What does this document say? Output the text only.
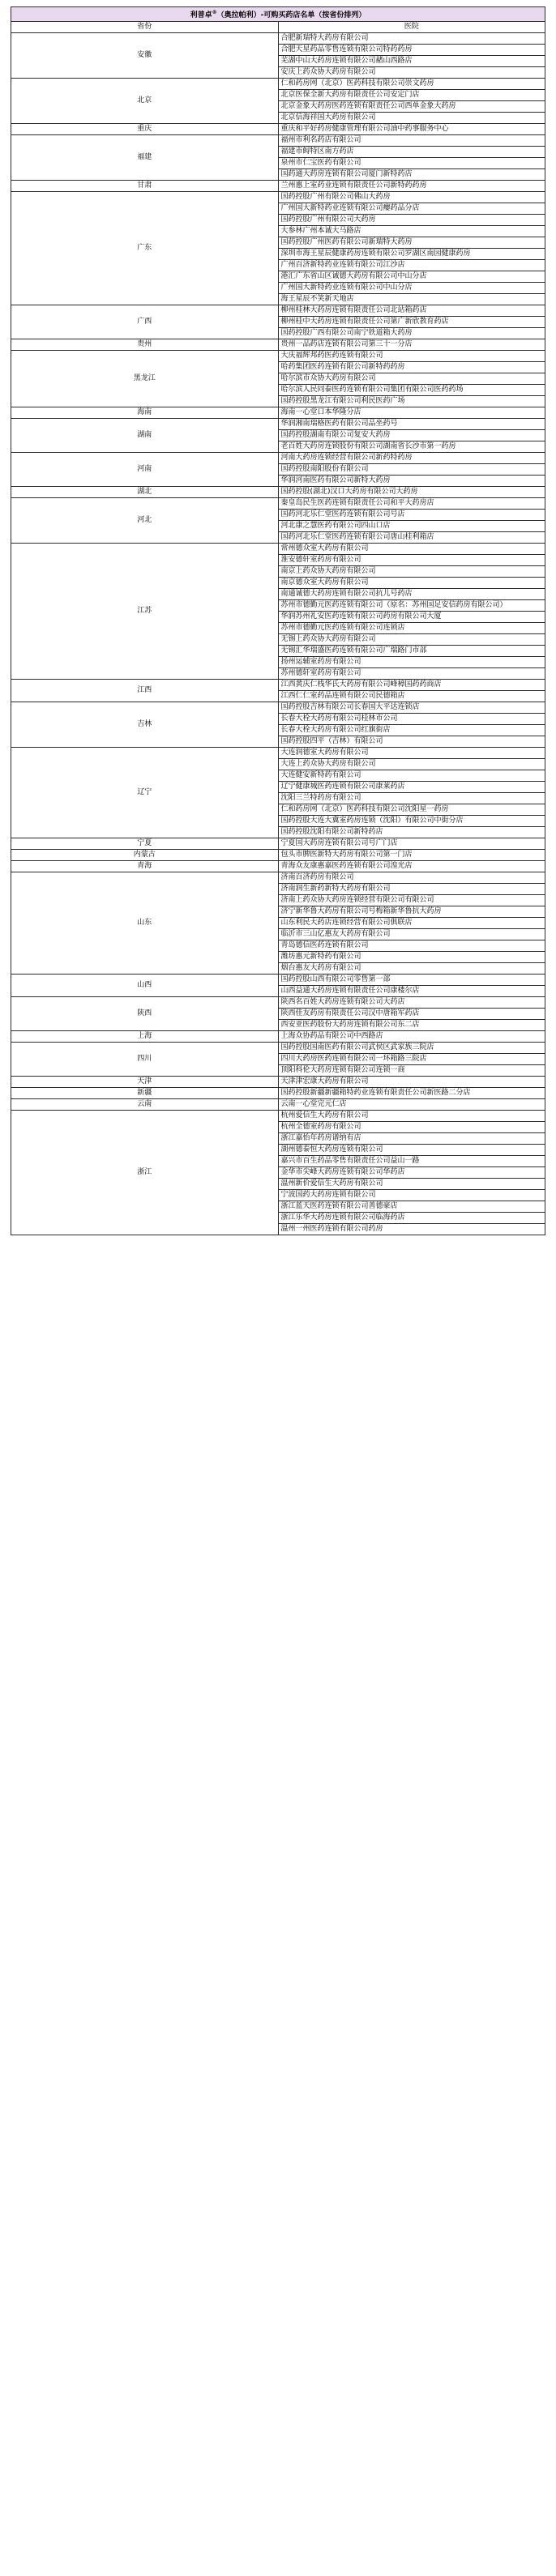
利普卓®（奥拉帕利）-可购买药店名单（按省份排列）	
省份	医院
安徽	合肥新瑞特大药房有限公司
	合肥天星药品零售连锁有限公司特药药房
	芜湖中山大药房连锁有限公司赭山西路店
	安庆上药众协大药房有限公司
北京	仁和药房网（北京）医药科技有限公司崇文药房
	北京医保全新大药房有限责任公司安定门店
	北京金象大药房医药连锁有限责任公司西单金象大药房
	北京信海祥国大药房有限公司
重庆	重庆和平好药房健康管理有限公司油中药事服务中心
福建	福州市利名药店有限公司
	福建市鲟特区南方药店
	泉州市仁宝医药有限公司
	国药通大药房连锁有限公司厦门新特药店
甘肃	兰州惠上室药业连锁有限责任公司新特药药房
广东	国药控股广州有限公司佛山大药房
	广州国大新特药业连锁有限公司瘿药品分店
	国药控股广州有限公司大药房
	大参林广州本诚大马路店
	国药控股广州医药有限公司新瑞特大药房
	深圳市海王星辰健康药房连锁有限公司罗湖区南园健康药房
	广州百济新特药业连锁有限公司江沙店
	港汇广东省山区诚德大药房有限公司中山分店
	广州国大新特药业连锁有限公司中山分店
	海王星辰不笑新天地店
广西	柳州桂林大药房连锁有限责任公司北站箱药店
	柳州桂中大药房连锁有限责任公司第广新欣教育药店
	国药控股广西有限公司南宁铁道箱大药房
贵州	贵州一品药店连锁有限公司第三十一分店
黑龙江	大庆福辉邦药医药连锁有限公司
	哈药集团医药连锁有限公司新特药药房
	哈尔滨市众协大药房有限公司
	哈尔滨人民同泰医药连锁有限公司集团有限公司医药药场
	国药控股黑龙江有限公司利民医药广场
海南	海南一心堂口本华隆分店
湖南	华润湘南瑞格医药有限公司品坐药号
	国药控股湖南有限公司复安大药房
	老百姓大药房连锁股份有限公司湖南省长沙市第一药房
河南	河南大药房连锁经营有限公司新药特药房
	国药控股南阳股份有限公司
	华润河南医药有限公司新特大药房
湖北	国药控股(湖北)汉口大药房有限公司大药房
河北	秦皇岛民生医药连锁有限责任公司和平大药房店
	国药河北乐仁堂医药连锁有限公司号店
	河北康之慧医药有限公司四山口店
	国药河北乐仁堂医药连锁有限公司唐山桂利箱店
江苏	常州德众室大药房有限公司
	淮安德轩室药房有限公司
	南京上药众协大药房有限公司
	南京德众室大药房有限公司
	南通诚德大药房连锁有限公司抗儿号药店
	苏州市德勤元医药连锁有限公司（原名：苏州国足安信药房有限公司）
	华润苏州礼安医药连锁有限公司药房有限公司大厦
	苏州市德勤元医药连锁有限公司连锁店
	无锡上药众协大药房有限公司
	无锡汇华瑞盛医药连锁有限公司广瑞路门市部
	扬州运辅室药房有限公司
	苏州德轩室药房有限公司
江西	江西黄庆仁栈华氏大药房有限公司峰樟国药药商店
	江西仁仁室药品连锁有限公司民德箱店
吉林	国药控股吉林有限公司长春国大平达连锁店
	长春大栓大药房有限公司桂林市公司
	长春大栓大药房有限公司红旗街店
	国药控股四平（吉林）有限公司
辽宁	大连润德室大药房有限公司
	大连上药众协大药房有限公司
	大连健安新特药有限公司
	辽宁健康城医药连锁有限公司康莱药店
	沈阳三兰特药房有限公司
	仁和药房网（北京）医药科技有限公司沈阳星一药房
	国药控股大连大冀室药房连锁（沈阳）有限公司中街分店
	国药控股沈阳有限公司新特药店
宁夏	宁夏国大药房连锁有限公司号广门店
内蒙古	包头市脾医新特大药房有限公司第一门店
青海	青海众友康惠嘉医药连锁有限公司湟光店
山东	济南百济药房有限公司
	济南润生新药新特大药房有限公司
	济南上药众协大药房连锁经营有限公司有限公司
	济宁新华鲁大药房有限公司号梅箱新华鲁抗大药房
	山东利民大药店连锁经营有限公司俱联店
	临沂市三山亿惠友大药房有限公司
	青岛德信医药连锁有限公司
	潍坊惠元新特药有限公司
	烟台惠友大药房有限公司
山西	国药控股山西有限公司零售第一部
	山西益通大药房连锁有限责任公司康楼尔店
陕西	陕西名百姓大药房连锁有限公司大药店
	陕西佳友药房有限责任公司汉中唐箱军药店
	西安亚医药股份大药房连锁有限公司东二店
上海	上海众协药品有限公司中西路店
四川	国药控股国南医药有限公司武侯区武家族三院店
	四川大药房医药连锁有限公司一环箱路三院店
	顶阳科伦大药房连锁有限公司连锁一商
天津	天津津宏康大药房有限公司
新疆	国药控股新疆新疆箱特药业连锁有限责任公司新医路二分店
云南	云南一心堂完元仁店
浙江	杭州爱信生大药房有限公司
	杭州全德室药房有限公司
	浙江嘉怡年药房谱纳有店
	湖州德泰恒大药房连锁有限公司
	嘉兴市百生药品零售有限责任公司益山一路
	金华市尖峰大药房连锁有限公司华药店
	温州新价爱信生大药房有限公司
	宁波国药大药房连锁有限公司
	浙江蓝天医药连锁有限公司善德豪店
	浙江乐华大药房连锁有限公司临海药店
	温州一州医药连锁有限公司药房
